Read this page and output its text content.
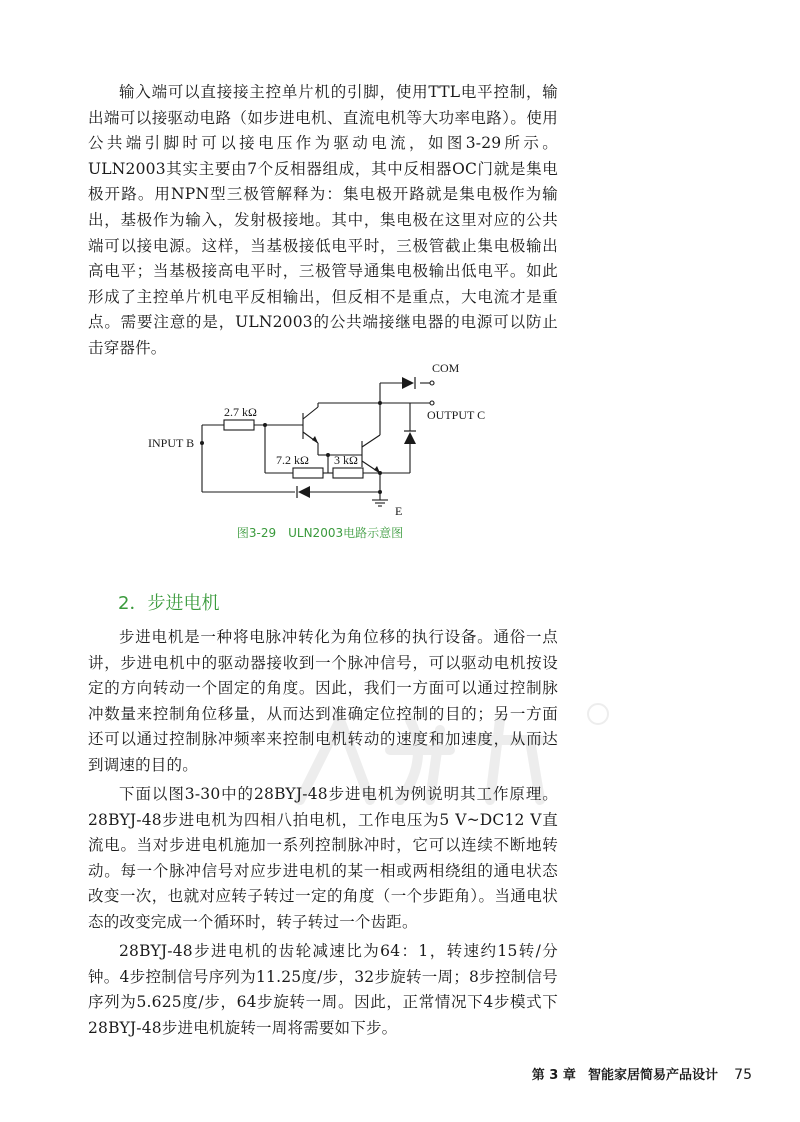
输入端可以直接接主控单片机的引脚，使用TTL电平控制，输出端可以接驱动电路（如步进电机、直流电机等大功率电路）。使用公共端引脚时可以接电压作为驱动电流，如图3-29所示。ULN2003其实主要由7个反相器组成，其中反相器OC门就是集电极开路。用NPN型三极管解释为：集电极开路就是集电极作为输出，基极作为输入，发射极接地。其中，集电极在这里对应的公共端可以接电源。这样，当基极接低电平时，三极管截止集电极输出高电平；当基极接高电平时，三极管导通集电极输出低电平。如此形成了主控单片机电平反相输出，但反相不是重点，大电流才是重点。需要注意的是，ULN2003的公共端接继电器的电源可以防止击穿器件。

COM
OUTPUT C
INPUT B
2.7 kΩ
7.2 kΩ 3 kΩ
E

图3-29　ULN2003电路示意图

2．步进电机

步进电机是一种将电脉冲转化为角位移的执行设备。通俗一点讲，步进电机中的驱动器接收到一个脉冲信号，可以驱动电机按设定的方向转动一个固定的角度。因此，我们一方面可以通过控制脉冲数量来控制角位移量，从而达到准确定位控制的目的；另一方面还可以通过控制脉冲频率来控制电机转动的速度和加速度，从而达到调速的目的。

下面以图3-30中的28BYJ-48步进电机为例说明其工作原理。28BYJ-48步进电机为四相八拍电机，工作电压为5 V~DC12 V直流电。当对步进电机施加一系列控制脉冲时，它可以连续不断地转动。每一个脉冲信号对应步进电机的某一相或两相绕组的通电状态改变一次，也就对应转子转过一定的角度（一个步距角）。当通电状态的改变完成一个循环时，转子转过一个齿距。

28BYJ-48步进电机的齿轮减速比为64：1，转速约15转/分钟。4步控制信号序列为11.25度/步，32步旋转一周；8步控制信号序列为5.625度/步，64步旋转一周。因此，正常情况下4步模式下28BYJ-48步进电机旋转一周将需要如下步。

第 3 章 智能家居简易产品设计 75
